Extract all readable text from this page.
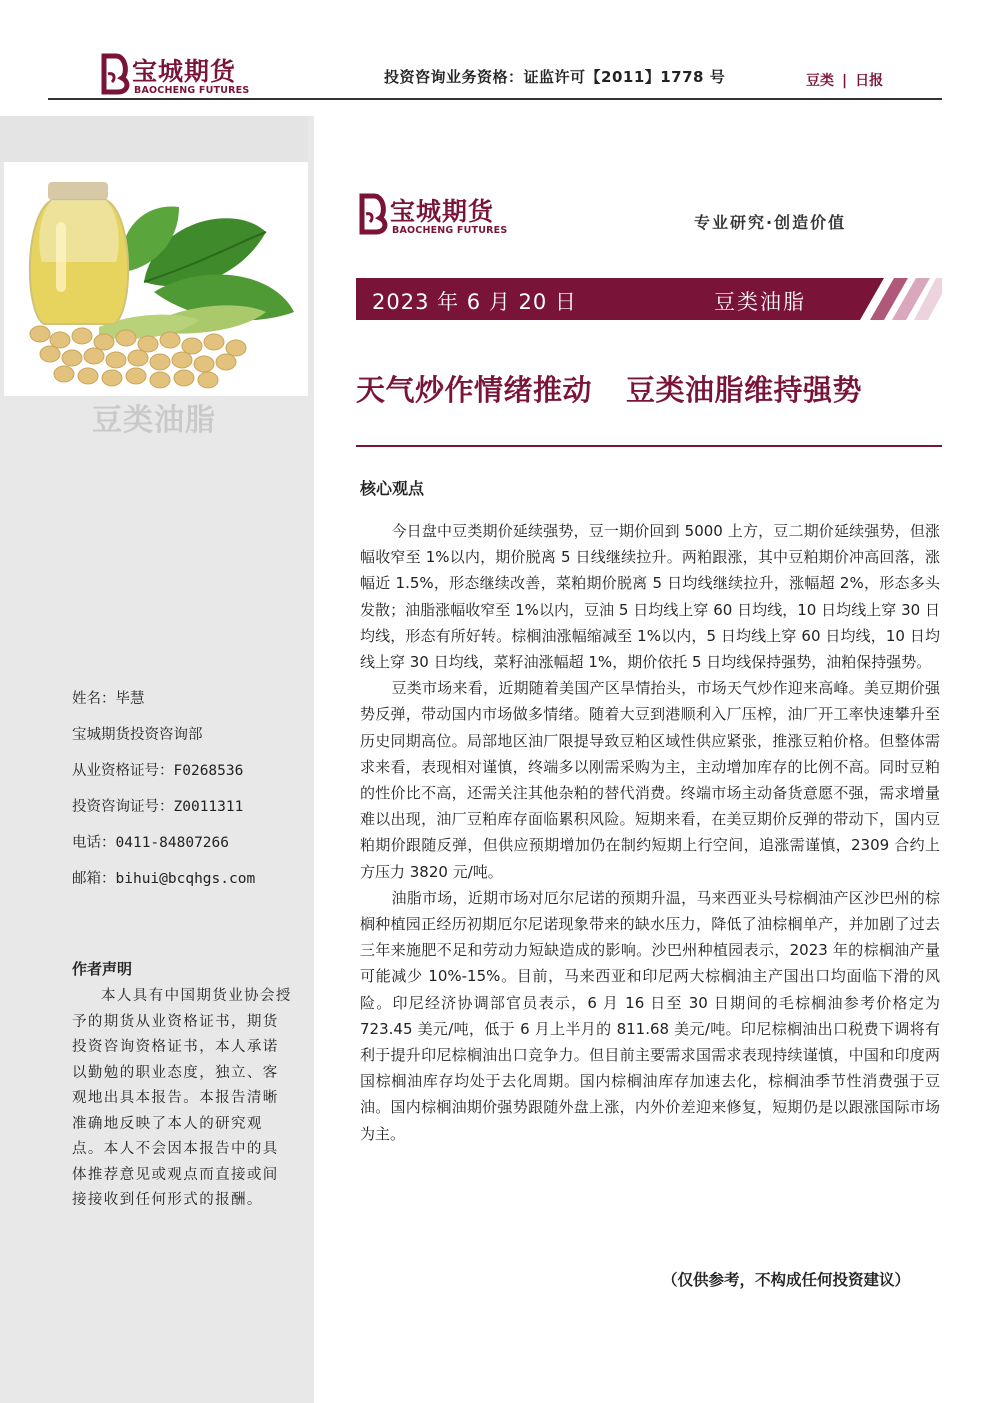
宝城期货
BAOCHENG FUTURES
投资咨询业务资格：证监许可【2011】1778 号	豆类 | 日报
豆类油脂
姓名：毕慧
宝城期货投资咨询部
从业资格证号：F0268536
投资咨询证号：Z0011311
电话：0411-84807266
邮箱：bihui@bcqhgs.com
作者声明
本人具有中国期货业协会授予的期货从业资格证书，期货投资咨询资格证书，本人承诺以勤勉的职业态度，独立、客观地出具本报告。本报告清晰准确地反映了本人的研究观点。本人不会因本报告中的具体推荐意见或观点而直接或间接接收到任何形式的报酬。
宝城期货
BAOCHENG FUTURES	专业研究·创造价值
2023 年 6 月 20 日	豆类油脂
天气炒作情绪推动 豆类油脂维持强势
核心观点

今日盘中豆类期价延续强势，豆一期价回到 5000 上方，豆二期价延续强势，但涨幅收窄至 1%以内，期价脱离 5 日线继续拉升。两粕跟涨，其中豆粕期价冲高回落，涨幅近 1.5%，形态继续改善，菜粕期价脱离 5 日均线继续拉升，涨幅超 2%，形态多头发散；油脂涨幅收窄至 1%以内，豆油 5 日均线上穿 60 日均线，10 日均线上穿 30 日均线，形态有所好转。棕榈油涨幅缩减至 1%以内，5 日均线上穿 60 日均线，10 日均线上穿 30 日均线，菜籽油涨幅超 1%，期价依托 5 日均线保持强势，油粕保持强势。

豆类市场来看，近期随着美国产区旱情抬头，市场天气炒作迎来高峰。美豆期价强势反弹，带动国内市场做多情绪。随着大豆到港顺利入厂压榨，油厂开工率快速攀升至历史同期高位。局部地区油厂限提导致豆粕区域性供应紧张，推涨豆粕价格。但整体需求来看，表现相对谨慎，终端多以刚需采购为主，主动增加库存的比例不高。同时豆粕的性价比不高，还需关注其他杂粕的替代消费。终端市场主动备货意愿不强，需求增量难以出现，油厂豆粕库存面临累积风险。短期来看，在美豆期价反弹的带动下，国内豆粕期价跟随反弹，但供应预期增加仍在制约短期上行空间，追涨需谨慎，2309 合约上方压力 3820 元/吨。

油脂市场，近期市场对厄尔尼诺的预期升温，马来西亚头号棕榈油产区沙巴州的棕榈种植园正经历初期厄尔尼诺现象带来的缺水压力，降低了油棕榈单产，并加剧了过去三年来施肥不足和劳动力短缺造成的影响。沙巴州种植园表示，2023 年的棕榈油产量可能减少 10%-15%。目前，马来西亚和印尼两大棕榈油主产国出口均面临下滑的风险。印尼经济协调部官员表示，6 月 16 日至 30 日期间的毛棕榈油参考价格定为 723.45 美元/吨，低于 6 月上半月的 811.68 美元/吨。印尼棕榈油出口税费下调将有利于提升印尼棕榈油出口竞争力。但目前主要需求国需求表现持续谨慎，中国和印度两国棕榈油库存均处于去化周期。国内棕榈油库存加速去化，棕榈油季节性消费强于豆油。国内棕榈油期价强势跟随外盘上涨，内外价差迎来修复，短期仍是以跟涨国际市场为主。

（仅供参考，不构成任何投资建议）
